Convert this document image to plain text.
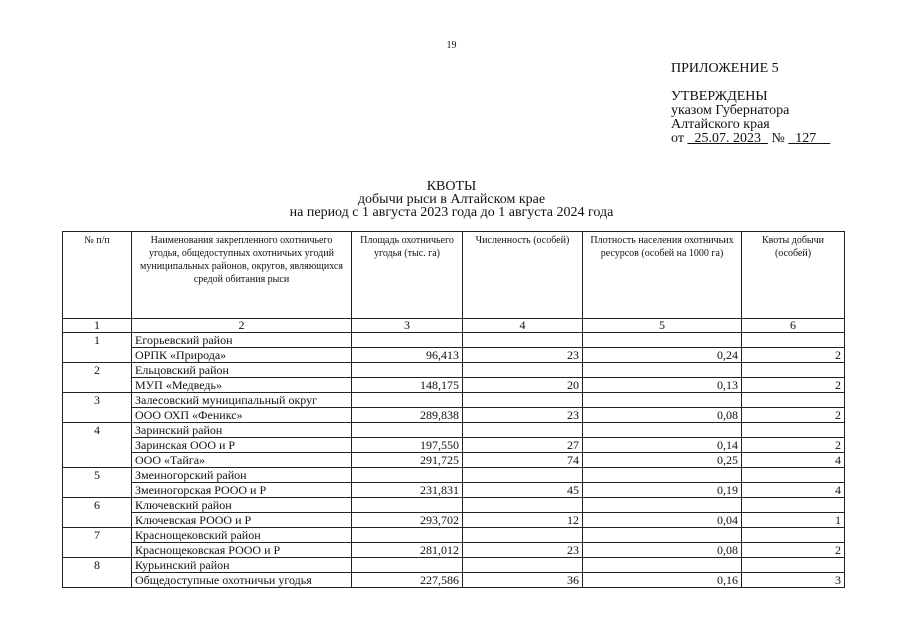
19
ПРИЛОЖЕНИЕ 5
УТВЕРЖДЕНЫ
указом Губернатора
Алтайского края
от 25.07. 2023 № 127
КВОТЫ
добычи рыси в Алтайском крае
на период с 1 августа 2023 года до 1 августа 2024 года
№ п/п	Наименования закрепленного охотничьего угодья, общедоступных охотничьих угодий муниципальных районов, округов, являющихся средой обитания рыси	Площадь охотничьего угодья (тыс. га)	Численность (особей)	Плотность населения охотничьих ресурсов (особей на 1000 га)	Квоты добычи (особей)
1	2	3	4	5	6
1	Егорьевский район				
	ОРПК «Природа»	96,413	23	0,24	2
2	Ельцовский район				
	МУП «Медведь»	148,175	20	0,13	2
3	Залесовский муниципальный округ				
	ООО ОХП «Феникс»	289,838	23	0,08	2
4	Заринский район				
	Заринская ООО и Р	197,550	27	0,14	2
	ООО «Тайга»	291,725	74	0,25	4
5	Змеиногорский район				
	Змеиногорская РООО и Р	231,831	45	0,19	4
6	Ключевский район				
	Ключевская РООО и Р	293,702	12	0,04	1
7	Краснощековский район				
	Краснощековская РООО и Р	281,012	23	0,08	2
8	Курьинский район				
	Общедоступные охотничьи угодья	227,586	36	0,16	3
